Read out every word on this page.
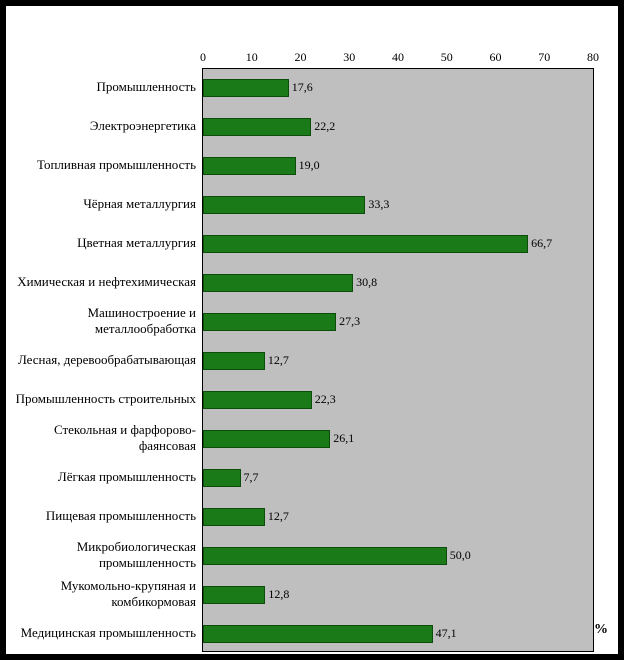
0	10	20	30	40	50	60	70	80
Промышленность
Электроэнергетика
Топливная промышленность
Чёрная металлургия
Цветная металлургия
Химическая и нефтехимическая
Машиностроение и металлообработка
Лесная, деревообрабатывающая
Промышленность строительных
Стекольная и фарфорово-фаянсовая
Лёгкая промышленность
Пищевая промышленность
Микробиологическая промышленность
Мукомольно-крупяная и комбикормовая
Медицинская промышленность
17,6
22,2
19,0
33,3
66,7
30,8
27,3
12,7
22,3
26,1
7,7
12,7
50,0
12,8
47,1	%
